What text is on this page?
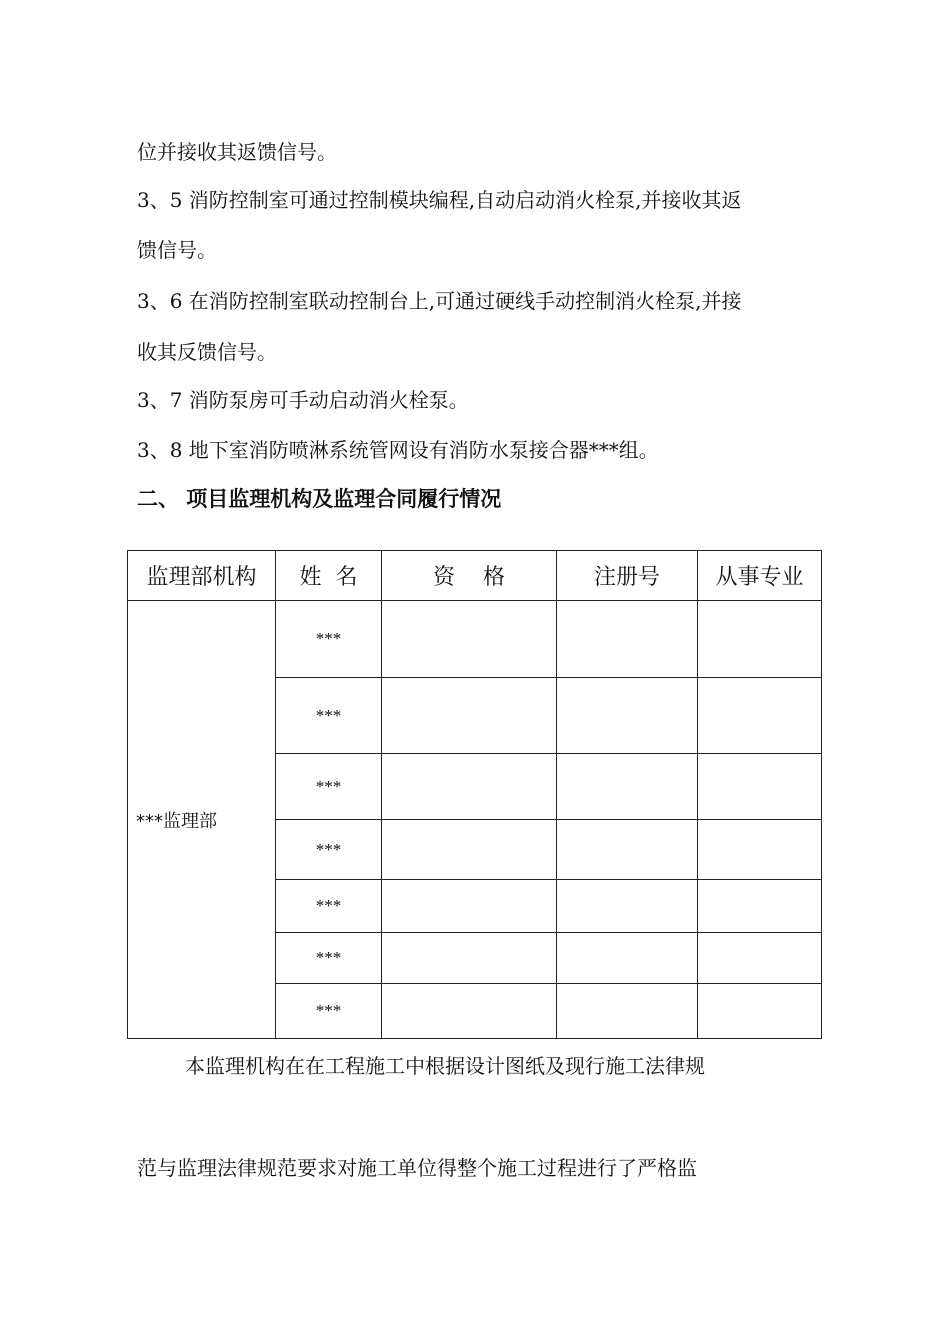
位并接收其返馈信号。
3、5 消防控制室可通过控制模块编程,自动启动消火栓泵,并接收其返
馈信号。
3、6 在消防控制室联动控制台上,可通过硬线手动控制消火栓泵,并接
收其反馈信号。
3、7 消防泵房可手动启动消火栓泵。
3、8 地下室消防喷淋系统管网设有消防水泵接合器***组。
二、 项目监理机构及监理合同履行情况
监理部机构	姓  名	资    格	注册号	从事专业
***监理部	***			
	***			
	***			
	***			
	***			
	***			
	***			
本监理机构在在工程施工中根据设计图纸及现行施工法律规
范与监理法律规范要求对施工单位得整个施工过程进行了严格监
